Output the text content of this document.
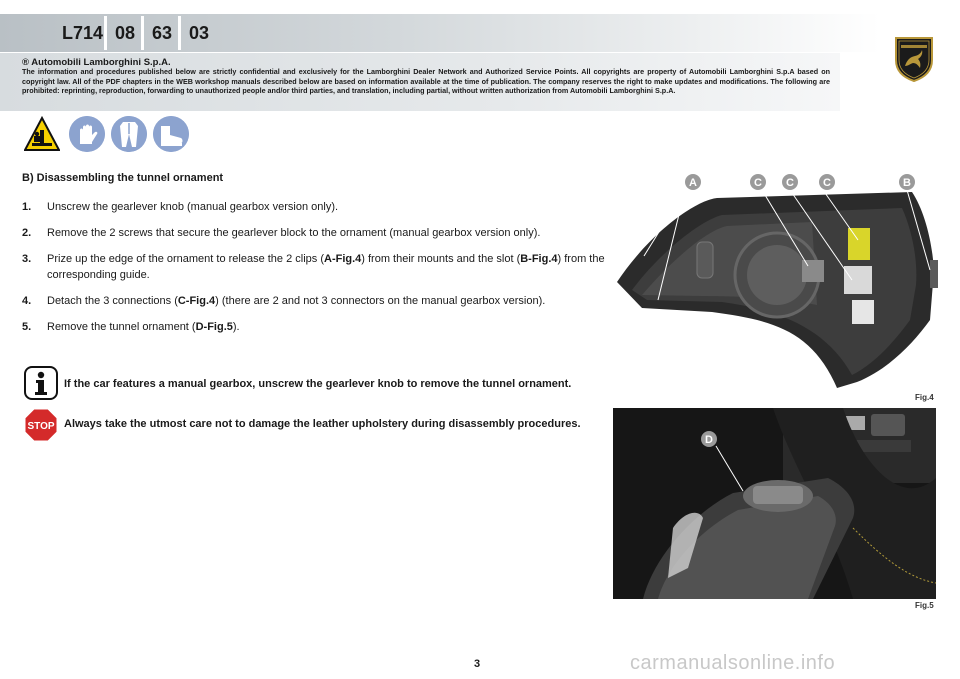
L714 08 63 03
® Automobili Lamborghini S.p.A.
The information and procedures published below are strictly confidential and exclusively for the Lamborghini Dealer Network and Authorized Service Points. All copyrights are property of Automobili Lamborghini S.p.A based on copyright law. All of the PDF chapters in the WEB workshop manuals described below are based on information available at the time of publication. The company reserves the right to make updates and modifications. The following are prohibited: reprinting, reproduction, forwarding to unauthorized people and/or third parties, and translation, including partial, without written authorization from Automobili Lamborghini S.p.A.
B) Disassembling the tunnel ornament
1. Unscrew the gearlever knob (manual gearbox version only).
2. Remove the 2 screws that secure the gearlever block to the ornament (manual gearbox version only).
3. Prize up the edge of the ornament to release the 2 clips (A-Fig.4) from their mounts and the slot (B-Fig.4) from the corresponding guide.
4. Detach the 3 connections (C-Fig.4) (there are 2 and not 3 connectors on the manual gearbox version).
5. Remove the tunnel ornament (D-Fig.5).
If the car features a manual gearbox, unscrew the gearlever knob to remove the tunnel ornament.
STOP Always take the utmost care not to damage the leather upholstery during disassembly procedures.
A	C C	C	B
Fig.4
D
Fig.5
3	carmanualsonline.info
